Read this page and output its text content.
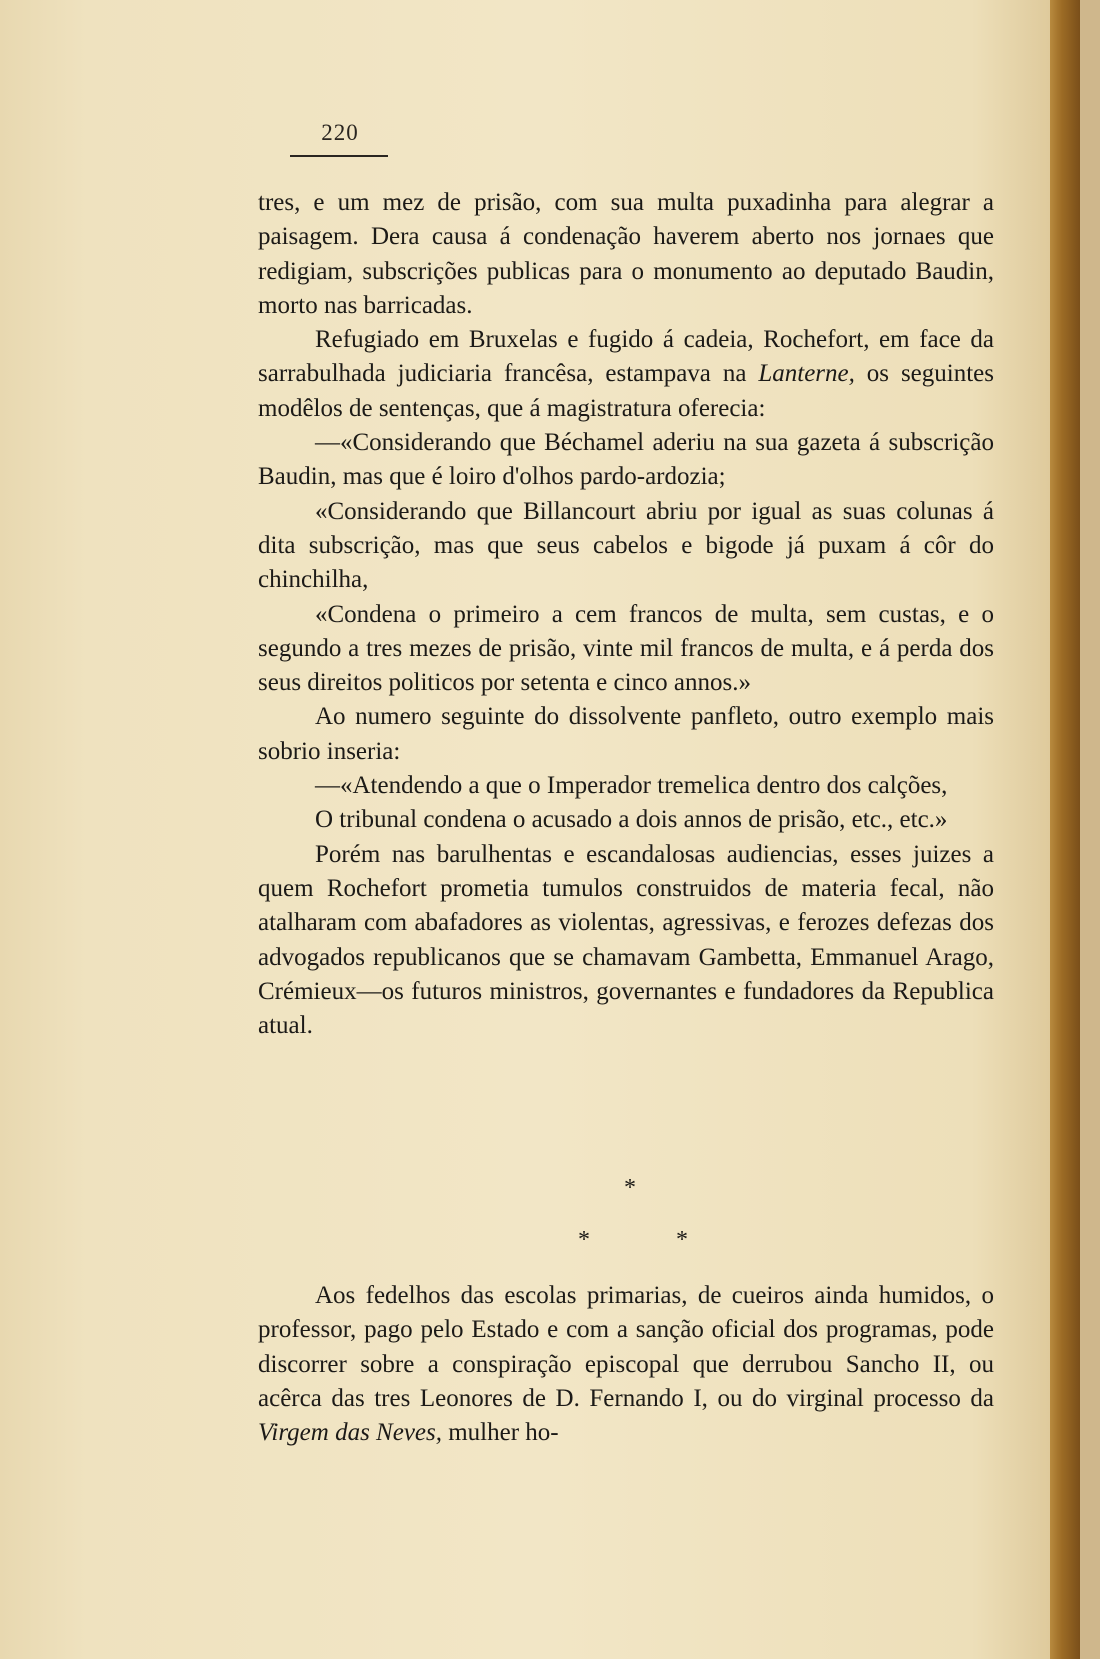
220

tres, e um mez de prisão, com sua multa puxadinha para alegrar a paisagem. Dera causa á condenação haverem aberto nos jornaes que redigiam, subscrições publicas para o monumento ao deputado Baudin, morto nas barricadas.

Refugiado em Bruxelas e fugido á cadeia, Rochefort, em face da sarrabulhada judiciaria francêsa, estampava na Lanterne, os seguintes modêlos de sentenças, que á magistratura oferecia:

—«Considerando que Béchamel aderiu na sua gazeta á subscrição Baudin, mas que é loiro d'olhos pardo-ardozia;

«Considerando que Billancourt abriu por igual as suas colunas á dita subscrição, mas que seus cabelos e bigode já puxam á côr do chinchilha,

«Condena o primeiro a cem francos de multa, sem custas, e o segundo a tres mezes de prisão, vinte mil francos de multa, e á perda dos seus direitos politicos por setenta e cinco annos.»

Ao numero seguinte do dissolvente panfleto, outro exemplo mais sobrio inseria:

—«Atendendo a que o Imperador tremelica dentro dos calções,

O tribunal condena o acusado a dois annos de prisão, etc., etc.»

Porém nas barulhentas e escandalosas audiencias, esses juizes a quem Rochefort prometia tumulos construidos de materia fecal, não atalharam com abafadores as violentas, agressivas, e ferozes defezas dos advogados republicanos que se chamavam Gambetta, Emmanuel Arago, Crémieux—os futuros ministros, governantes e fundadores da Republica atual.

*
*	*

Aos fedelhos das escolas primarias, de cueiros ainda humidos, o professor, pago pelo Estado e com a sanção oficial dos programas, pode discorrer sobre a conspiração episcopal que derrubou Sancho II, ou acêrca das tres Leonores de D. Fernando I, ou do virginal processo da Virgem das Neves, mulher ho-
